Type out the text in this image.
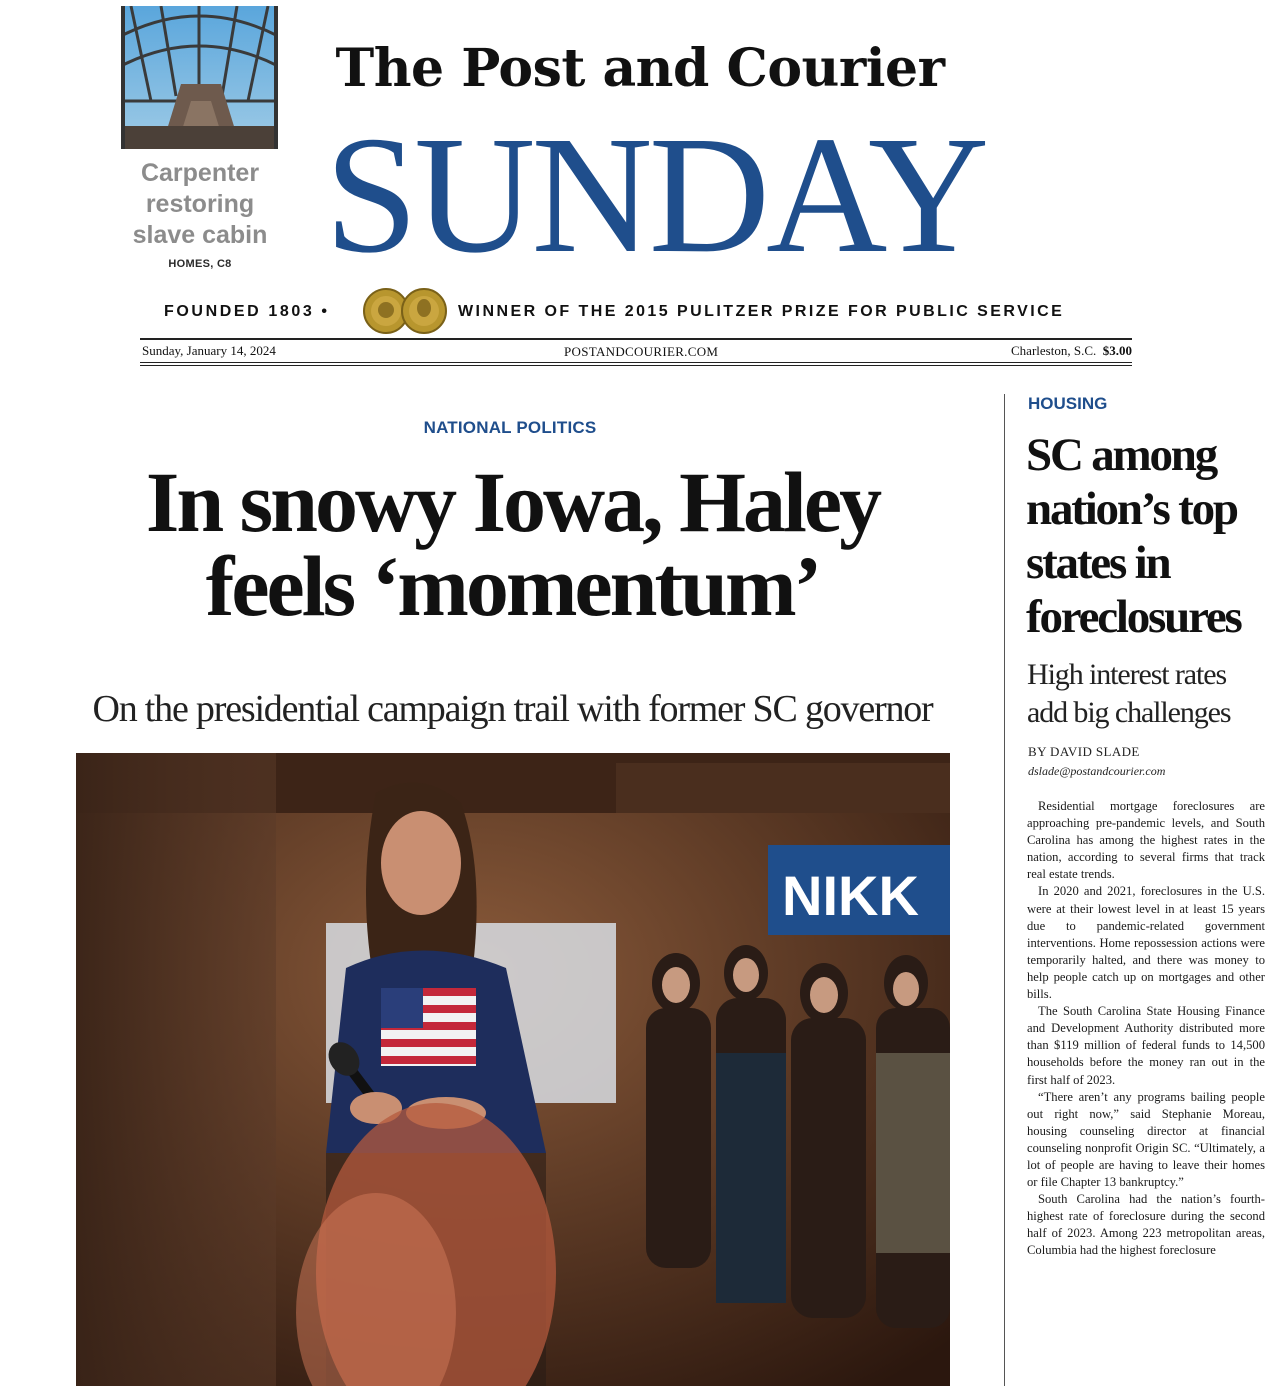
Carpenter
restoring
slave cabin
HOMES, C8
The Post and Courier
SUNDAY
FOUNDED 1803 •	WINNER OF THE 2015 PULITZER PRIZE FOR PUBLIC SERVICE
Sunday, January 14, 2024	POSTANDCOURIER.COM	Charleston, S.C. $3.00
NATIONAL POLITICS
In snowy Iowa, Haley
feels ‘momentum’
On the presidential campaign trail with former SC governor
NIKK
HOUSING
SC among
nation’s top
states in
foreclosures
High interest rates
add big challenges
BY DAVID SLADE
dslade@postandcourier.com

Residential mortgage foreclosures are approaching pre-pandemic levels, and South Carolina has among the highest rates in the nation, according to several firms that track real estate trends.

In 2020 and 2021, foreclosures in the U.S. were at their lowest level in at least 15 years due to pandemic-related government interventions. Home repossession actions were temporarily halted, and there was money to help people catch up on mortgages and other bills.

The South Carolina State Housing Finance and Development Authority distributed more than $119 million of federal funds to 14,500 households before the money ran out in the first half of 2023.

“There aren’t any programs bailing people out right now,” said Stephanie Moreau, housing counseling director at financial counseling nonprofit Origin SC. “Ultimately, a lot of people are having to leave their homes or file Chapter 13 bankruptcy.”

South Carolina had the nation’s fourth-highest rate of foreclosure during the second half of 2023. Among 223 metropolitan areas, Columbia had the highest foreclosure
